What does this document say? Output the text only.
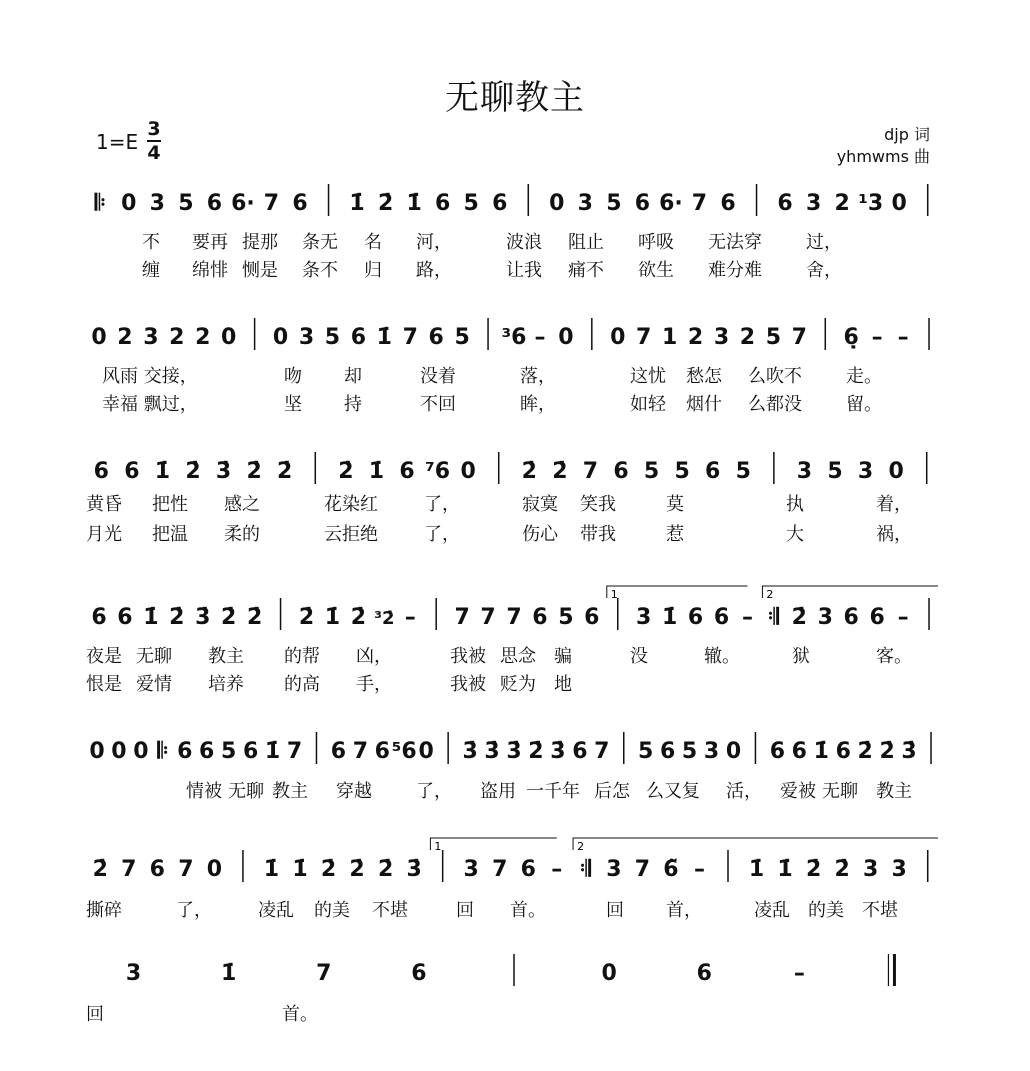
无聊教主
1=E
3
4
djp 词
yhmwms 曲
𝄆 0 3 5 6 6· 7 6 1̇ 2̇ 1̇ 6 5 6 0 3 5 6 6· 7 6 6 3 2 ¹3 0
不 要再 提那 条无 名 河，	波浪 阻止 呼吸 无法穿 过，
缠 绵悱 恻是 条不 归 路，	让我 痛不 欲生 难分难 舍，
0 2 3 2 2 0 0 3 5 6 1̇ 7 6 5 ³6 – 0 0 7 1 2 3 2 5 7 6̣ – –
风雨 交接，	吻 却	没着	落，	这忧 愁怎 么吹不 走。
幸福 飘过，	坚 持	不回	眸，	如轻 烟什 么都没 留。
6 6 1̇ 2̇ 3̇ 2̇ 2̇ 2̇ 1̇ 6 ⁷6 0 2̇ 2̇ 7 6 5 5 6 5 3 5 3 0
黄昏 把性 感之	花染红	了，	寂寞 笑我	莫	执	着，
月光 把温 柔的	云拒绝	了，	伤心 带我	惹	大	祸，
6 6 1̇ 2̇ 3̇ 2̇ 2̇ 2̇ 1̇ 2̇ ³2̇ – 7 7 7 6 5 6 3 1̇ 6 6 – 𝄇 2̇ 3 6 6 –
1	2
夜是 无聊 教主 的帮 凶，	我被 思念 骗	没	辙。	狱	客。
恨是 爱情 培养 的高 手，	我被 贬为 地
0 0 0 𝄆 6 6 5 6 1̇ 7 6 7 6 ⁵6 0 3̇ 3̇ 3̇ 2̇ 3̇ 6 7 5 6 5 3 0 6 6 1̇ 6 2̇ 2̇ 3̇
情被 无聊 教主 穿越 了， 盗用 一千年 后怎 么又复 活， 爱被 无聊 教主
2̇ 7 6 7 0 1̇ 1̇ 2̇ 2̇ 2̇ 3̇ 3 7 6 – 𝄇 3 7 6̃ – 1̇ 1̇ 2̇ 2̇ 3 3
1	2
撕碎	了，	凌乱 的美 不堪	回 首。	回 首，	凌乱 的美 不堪
3	1̇	7	6	0	6	–
回	首。
